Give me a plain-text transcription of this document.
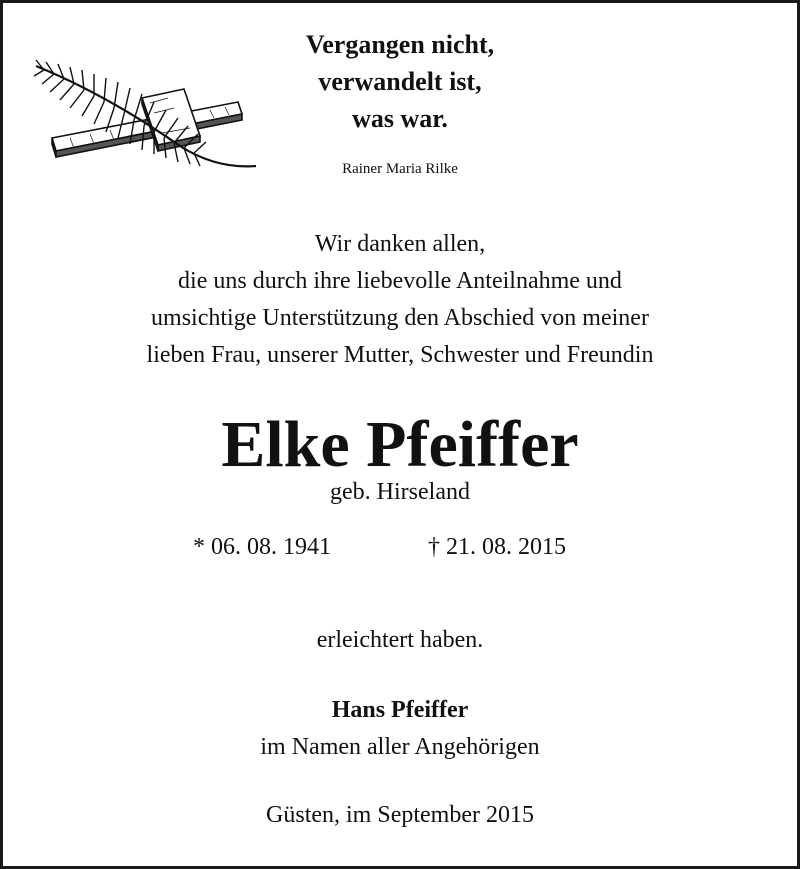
Vergangen nicht,
verwandelt ist,
was war.
Rainer Maria Rilke
Wir danken allen,
die uns durch ihre liebevolle Anteilnahme und
umsichtige Unterstützung den Abschied von meiner
lieben Frau, unserer Mutter, Schwester und Freundin
Elke Pfeiffer
geb. Hirseland
* 06. 08. 1941	† 21. 08. 2015
erleichtert haben.
Hans Pfeiffer
im Namen aller Angehörigen
Güsten, im September 2015
